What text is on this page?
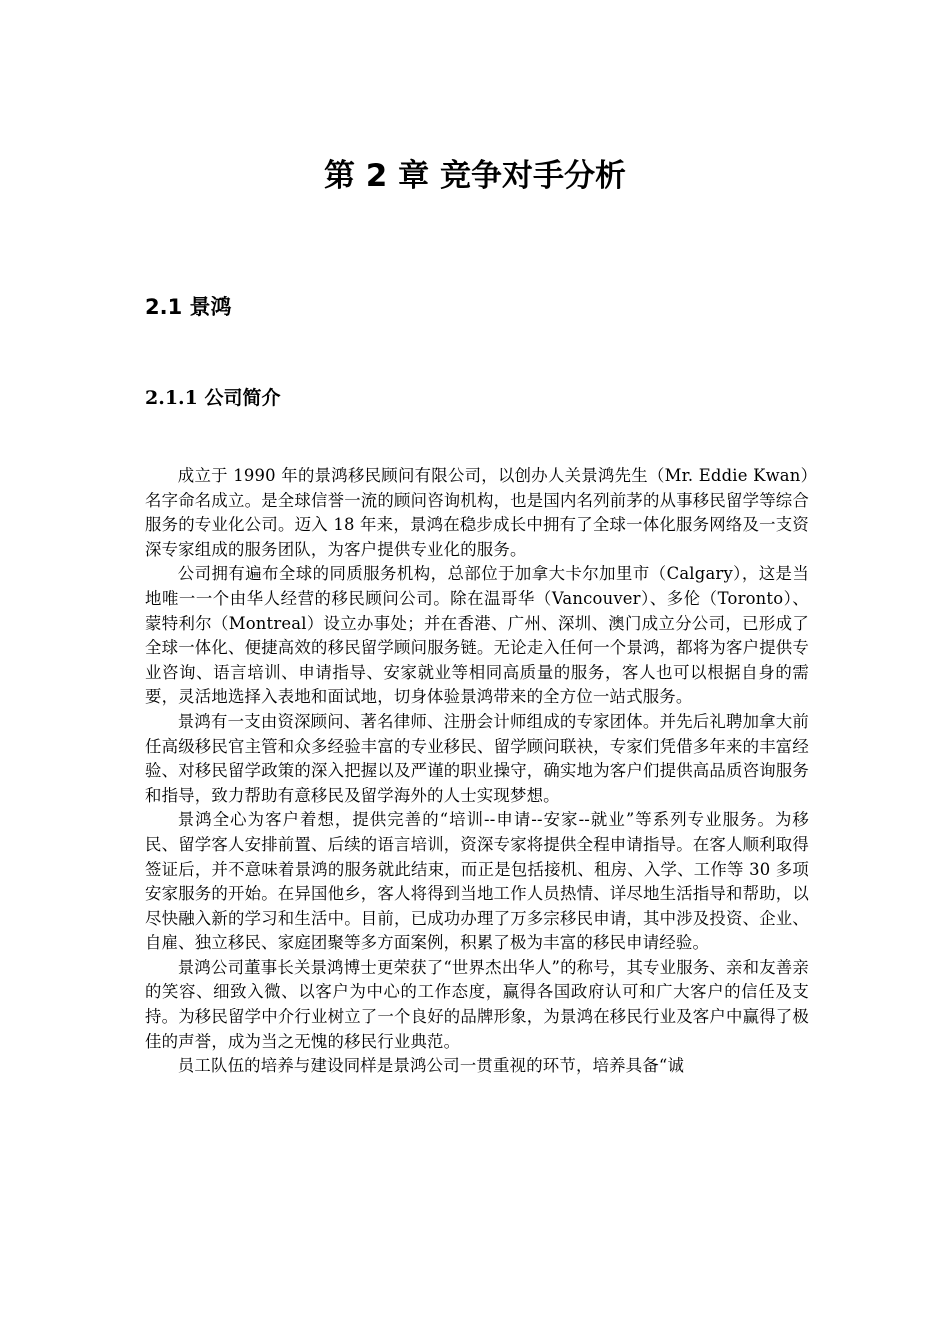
第 2 章 竞争对手分析
2.1 景鸿
2.1.1 公司简介

成立于 1990 年的景鸿移民顾问有限公司，以创办人关景鸿先生（Mr. Eddie Kwan）名字命名成立。是全球信誉一流的顾问咨询机构，也是国内名列前茅的从事移民留学等综合服务的专业化公司。迈入 18 年来，景鸿在稳步成长中拥有了全球一体化服务网络及一支资深专家组成的服务团队，为客户提供专业化的服务。

公司拥有遍布全球的同质服务机构，总部位于加拿大卡尔加里市（Calgary），这是当地唯一一个由华人经营的移民顾问公司。除在温哥华（Vancouver）、多伦（Toronto）、蒙特利尔（Montreal）设立办事处；并在香港、广州、深圳、澳门成立分公司，已形成了全球一体化、便捷高效的移民留学顾问服务链。无论走入任何一个景鸿，都将为客户提供专业咨询、语言培训、申请指导、安家就业等相同高质量的服务，客人也可以根据自身的需要，灵活地选择入表地和面试地，切身体验景鸿带来的全方位一站式服务。

景鸿有一支由资深顾问、著名律师、注册会计师组成的专家团体。并先后礼聘加拿大前任高级移民官主管和众多经验丰富的专业移民、留学顾问联袂，专家们凭借多年来的丰富经验、对移民留学政策的深入把握以及严谨的职业操守，确实地为客户们提供高品质咨询服务和指导，致力帮助有意移民及留学海外的人士实现梦想。

景鸿全心为客户着想，提供完善的“培训--申请--安家--就业”等系列专业服务。为移民、留学客人安排前置、后续的语言培训，资深专家将提供全程申请指导。在客人顺利取得签证后，并不意味着景鸿的服务就此结束，而正是包括接机、租房、入学、工作等 30 多项安家服务的开始。在异国他乡，客人将得到当地工作人员热情、详尽地生活指导和帮助，以尽快融入新的学习和生活中。目前，已成功办理了万多宗移民申请，其中涉及投资、企业、自雇、独立移民、家庭团聚等多方面案例，积累了极为丰富的移民申请经验。

景鸿公司董事长关景鸿博士更荣获了“世界杰出华人”的称号，其专业服务、亲和友善亲的笑容、细致入微、以客户为中心的工作态度，赢得各国政府认可和广大客户的信任及支持。为移民留学中介行业树立了一个良好的品牌形象，为景鸿在移民行业及客户中赢得了极佳的声誉，成为当之无愧的移民行业典范。

员工队伍的培养与建设同样是景鸿公司一贯重视的环节，培养具备“诚
